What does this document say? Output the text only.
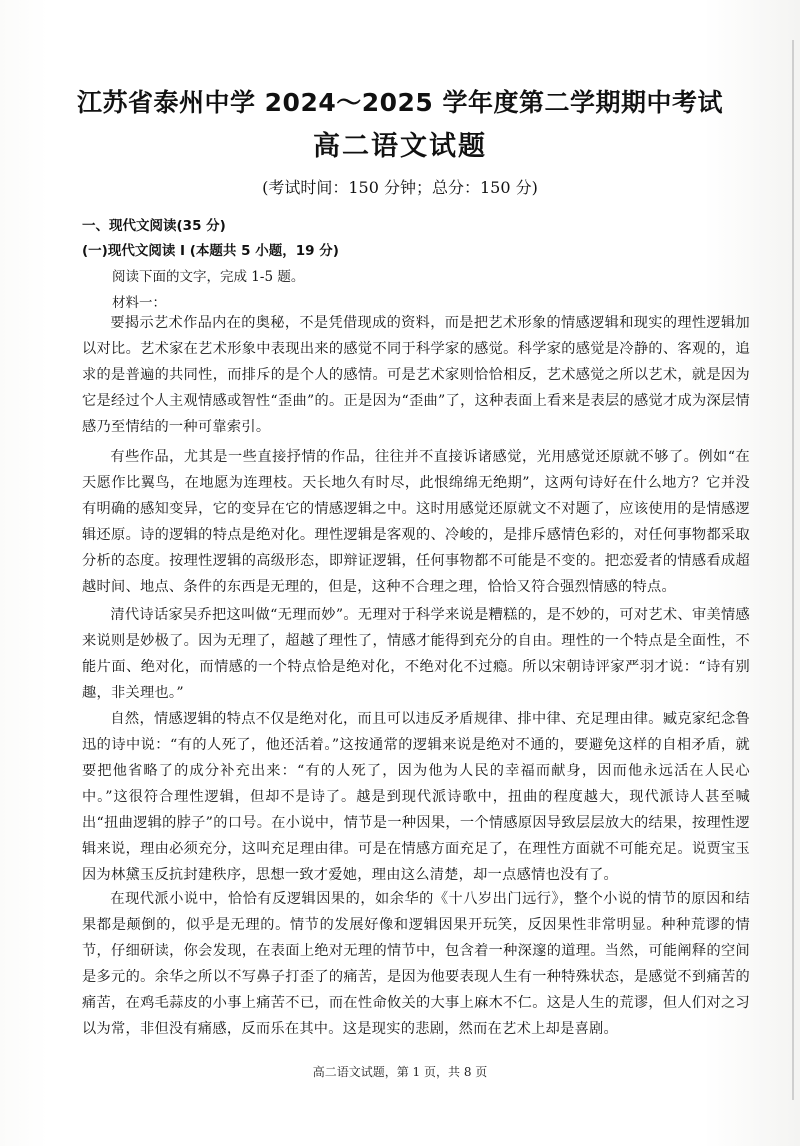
江苏省泰州中学 2024～2025 学年度第二学期期中考试
高二语文试题
(考试时间：150 分钟；总分：150 分)
一、现代文阅读(35 分)
(一)现代文阅读 I (本题共 5 小题，19 分)
阅读下面的文字，完成 1-5 题。
材料一：
要揭示艺术作品内在的奥秘，不是凭借现成的资料，而是把艺术形象的情感逻辑和现实的理性逻辑加以对比。艺术家在艺术形象中表现出来的感觉不同于科学家的感觉。科学家的感觉是冷静的、客观的，追求的是普遍的共同性，而排斥的是个人的感情。可是艺术家则恰恰相反，艺术感觉之所以艺术，就是因为它是经过个人主观情感或智性“歪曲”的。正是因为“歪曲”了，这种表面上看来是表层的感觉才成为深层情感乃至情结的一种可靠索引。
有些作品，尤其是一些直接抒情的作品，往往并不直接诉诸感觉，光用感觉还原就不够了。例如“在天愿作比翼鸟，在地愿为连理枝。天长地久有时尽，此恨绵绵无绝期”，这两句诗好在什么地方？它并没有明确的感知变异，它的变异在它的情感逻辑之中。这时用感觉还原就文不对题了，应该使用的是情感逻辑还原。诗的逻辑的特点是绝对化。理性逻辑是客观的、冷峻的，是排斥感情色彩的，对任何事物都采取分析的态度。按理性逻辑的高级形态，即辩证逻辑，任何事物都不可能是不变的。把恋爱者的情感看成超越时间、地点、条件的东西是无理的，但是，这种不合理之理，恰恰又符合强烈情感的特点。
清代诗话家吴乔把这叫做“无理而妙”。无理对于科学来说是糟糕的，是不妙的，可对艺术、审美情感来说则是妙极了。因为无理了，超越了理性了，情感才能得到充分的自由。理性的一个特点是全面性，不能片面、绝对化，而情感的一个特点恰是绝对化，不绝对化不过瘾。所以宋朝诗评家严羽才说：“诗有别趣，非关理也。”
自然，情感逻辑的特点不仅是绝对化，而且可以违反矛盾规律、排中律、充足理由律。臧克家纪念鲁迅的诗中说：“有的人死了，他还活着。”这按通常的逻辑来说是绝对不通的，要避免这样的自相矛盾，就要把他省略了的成分补充出来：“有的人死了，因为他为人民的幸福而献身，因而他永远活在人民心中。”这很符合理性逻辑，但却不是诗了。越是到现代派诗歌中，扭曲的程度越大，现代派诗人甚至喊出“扭曲逻辑的脖子”的口号。在小说中，情节是一种因果，一个情感原因导致层层放大的结果，按理性逻辑来说，理由必须充分，这叫充足理由律。可是在情感方面充足了，在理性方面就不可能充足。说贾宝玉因为林黛玉反抗封建秩序，思想一致才爱她，理由这么清楚，却一点感情也没有了。
在现代派小说中，恰恰有反逻辑因果的，如余华的《十八岁出门远行》，整个小说的情节的原因和结果都是颠倒的，似乎是无理的。情节的发展好像和逻辑因果开玩笑，反因果性非常明显。种种荒谬的情节，仔细研读，你会发现，在表面上绝对无理的情节中，包含着一种深邃的道理。当然，可能阐释的空间是多元的。余华之所以不写鼻子打歪了的痛苦，是因为他要表现人生有一种特殊状态，是感觉不到痛苦的痛苦，在鸡毛蒜皮的小事上痛苦不已，而在性命攸关的大事上麻木不仁。这是人生的荒谬，但人们对之习以为常，非但没有痛感，反而乐在其中。这是现实的悲剧，然而在艺术上却是喜剧。
高二语文试题，第 1 页，共 8 页
